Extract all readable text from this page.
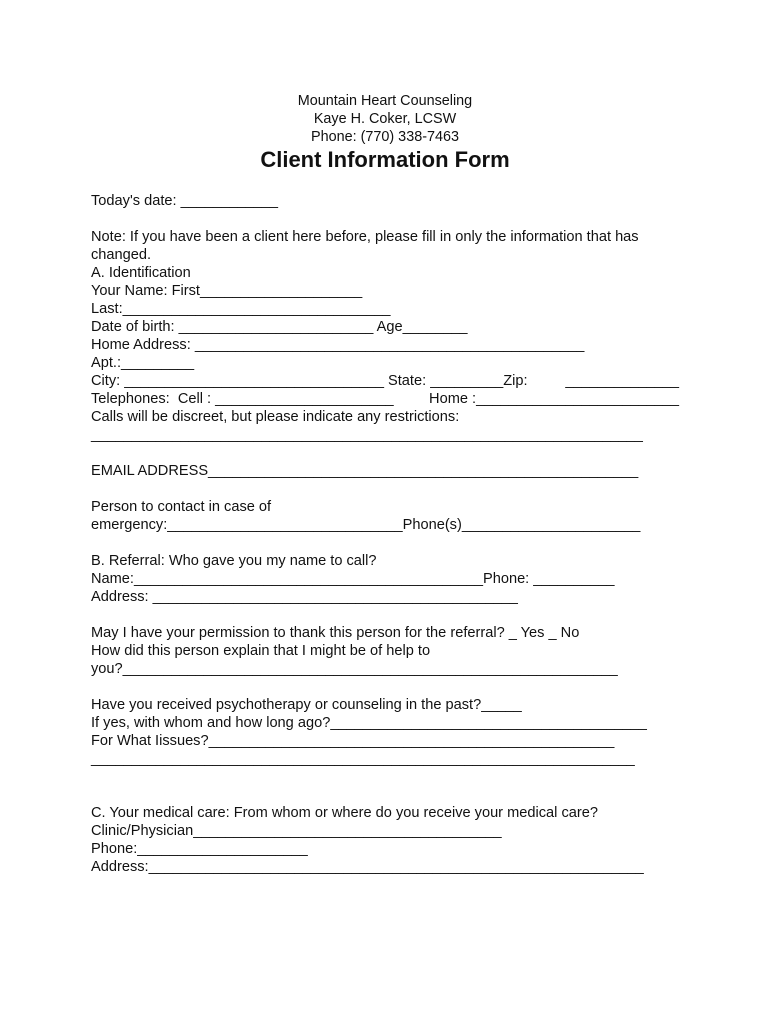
Mountain Heart Counseling
Kaye H. Coker, LCSW
Phone: (770) 338-7463
Client Information Form
Today's date: ____________
Note: If you have been a client here before, please fill in only the information that has
changed.
A. Identification
Your Name: First____________________
Last:_________________________________
Date of birth: ________________________ Age________
Home Address: ________________________________________________
Apt.:_________
City: ________________________________ State: _________Zip:	______________
Telephones:  Cell : ______________________ Home :_________________________
Calls will be discreet, but please indicate any restrictions:
____________________________________________________________________
EMAIL ADDRESS_____________________________________________________
Person to contact in case of
emergency:_____________________________Phone(s)______________________
B. Referral: Who gave you my name to call?
Name:___________________________________________Phone: __________
Address: _____________________________________________
May I have your permission to thank this person for the referral? _ Yes _ No
How did this person explain that I might be of help to
you?_____________________________________________________________
Have you received psychotherapy or counseling in the past?_____
If yes, with whom and how long ago?_______________________________________
For What Iissues?__________________________________________________
___________________________________________________________________
C. Your medical care: From whom or where do you receive your medical care?
Clinic/Physician______________________________________
Phone:_____________________
Address:_____________________________________________________________
